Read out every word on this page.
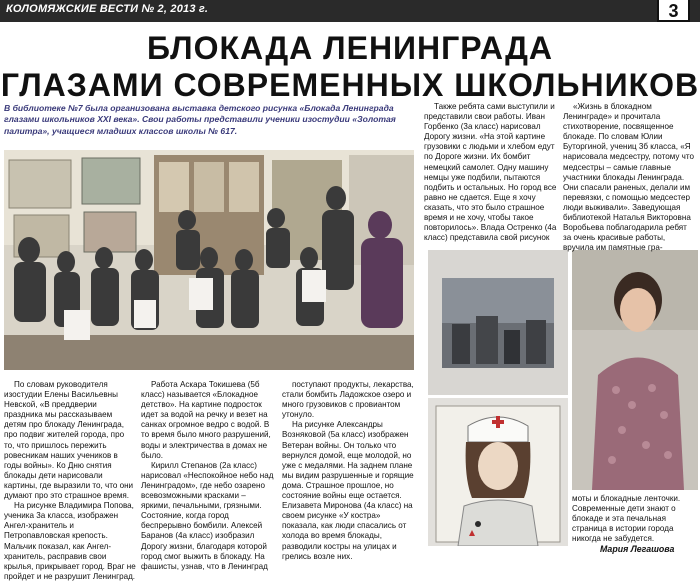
КОЛОМЯЖСКИЕ ВЕСТИ № 2, 2013 г.	3
БЛОКАДА ЛЕНИНГРАДА
ГЛАЗАМИ СОВРЕМЕННЫХ ШКОЛЬНИКОВ
В библиотеке №7 была организована выставка детского рисунка «Блокада Ленинграда глазами школьников XXI века». Свои работы представили ученики изостудии «Золотая палитра», учащиеся младших классов школы № 617.

По словам руководителя изостудии Елены Васильевны Невской, «В преддверии праздника мы рассказываем детям про блокаду Ленинграда, про подвиг жителей города, про то, что пришлось пережить ровесникам наших учеников в годы войны». Ко Дню снятия блокады дети нарисовали картины, где выразили то, что они думают про это страшное время.

На рисунке Владимира Попова, ученика 3а класса, изображен Ангел-хранитель и Петропавловская крепость. Мальчик показал, как Ангел-хранитель, расправив свои крылья, прикрывает город. Враг не пройдет и не разрушит Ленинград.

Работа Аскара Токишева (5б класс) называется «Блокадное детство». На картине подросток идет за водой на речку и везет на санках огромное ведро с водой. В то время было много разрушений, воды и электричества в домах не было.

Кирилл Степанов (2а класс) нарисовал «Неспокойное небо над Ленинградом», где небо озарено всевозможными красками – яркими, печальными, грязными. Состояние, когда город беспрерывно бомбили. Алексей Баранов (4а класс) изобразил Дорогу жизни, благодаря которой город смог выжить в блокаду. На фашисты, узнав, что в Ленинград

поступают продукты, лекарства, стали бомбить Ладожское озеро и много грузовиков с провиантом утонуло.

На рисунке Александры Возняковой (5а класс) изображен Ветеран войны. Он только что вернулся домой, еще молодой, но уже с медалями. На заднем плане мы видим разрушенные и горящие дома. Страшное прошлое, но состояние войны еще остается. Елизавета Миронова (4а класс) на своем рисунке «У костра» показала, как люди спасались от холода во время блокады, разводили костры на улицах и грелись возле них.

Также ребята сами выступили и представили свои работы. Иван Горбенко (3а класс) нарисовал Дорогу жизни. «На этой картине грузовики с людьми и хлебом едут по Дороге жизни. Их бомбит немецкий самолет. Одну машину немцы уже подбили, пытаются подбить и остальных. Но город все равно не сдается. Еще я хочу сказать, что это было страшное время и не хочу, чтобы такое повторилось». Влада Остренко (4а класс) представила свой рисунок

«Жизнь в блокадном Ленинграде» и прочитала стихотворение, посвященное блокаде. По словам Юлии Буторгиной, учениц 3б класса, «Я нарисовала медсестру, потому что медсестры – самые главные участники блокады Ленинграда. Они спасали раненых, делали им перевязки, с помощью медсестер люди выживали». Заведующая библиотекой Наталья Викторовна Воробьева поблагодарила ребят за очень красивые работы, вручила им памятные гра-

моты и блокадные ленточки. Современные дети знают о блокаде и эта печальная страница в истории города никогда не забудется.

Мария Легашова
